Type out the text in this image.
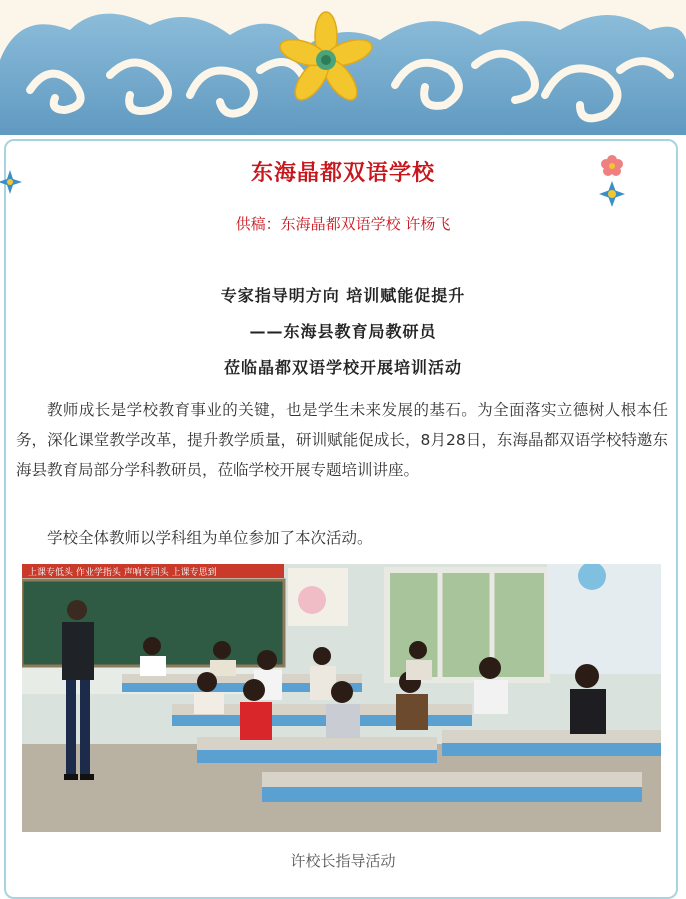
东海晶都双语学校
供稿：东海晶都双语学校 许杨飞
专家指导明方向 培训赋能促提升
——东海县教育局教研员
莅临晶都双语学校开展培训活动

教师成长是学校教育事业的关键，也是学生未来发展的基石。为全面落实立德树人根本任务，深化课堂教学改革，提升教学质量，研训赋能促成长，8月28日，东海晶都双语学校特邀东海县教育局部分学科教研员，莅临学校开展专题培训讲座。

学校全体教师以学科组为单位参加了本次活动。

上课专低头 作业学指头 声响专回头 上课专思到
许校长指导活动
